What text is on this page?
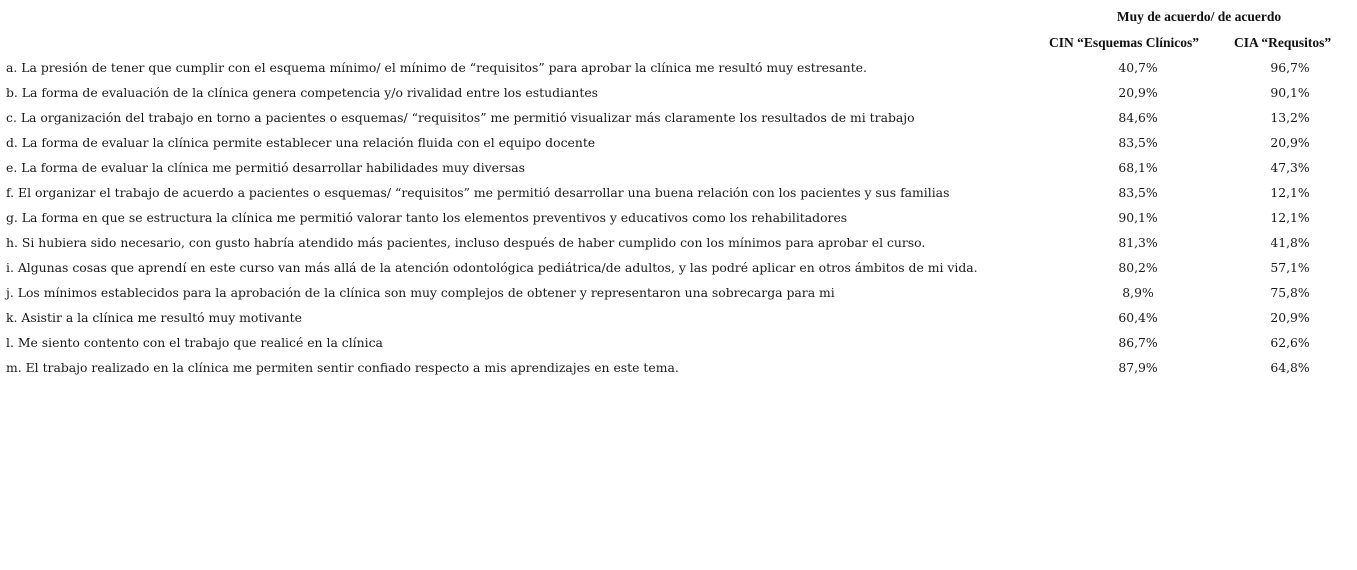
Muy de acuerdo/ de acuerdo
CIN “Esquemas Clínicos”	CIA “Requsitos”
a. La presión de tener que cumplir con el esquema mínimo/ el mínimo de “requisitos” para aprobar la clínica me resultó muy estresante.	40,7%	96,7%
b. La forma de evaluación de la clínica genera competencia y/o rivalidad entre los estudiantes	20,9%	90,1%
c. La organización del trabajo en torno a pacientes o esquemas/ “requisitos” me permitió visualizar más claramente los resultados de mi trabajo	84,6%	13,2%
d. La forma de evaluar la clínica permite establecer una relación fluida con el equipo docente	83,5%	20,9%
e. La forma de evaluar la clínica me permitió desarrollar habilidades muy diversas	68,1%	47,3%
f. El organizar el trabajo de acuerdo a pacientes o esquemas/ “requisitos” me permitió desarrollar una buena relación con los pacientes y sus familias	83,5%	12,1%
g. La forma en que se estructura la clínica me permitió valorar tanto los elementos preventivos y educativos como los rehabilitadores	90,1%	12,1%
h. Si hubiera sido necesario, con gusto habría atendido más pacientes, incluso después de haber cumplido con los mínimos para aprobar el curso.	81,3%	41,8%
i. Algunas cosas que aprendí en este curso van más allá de la atención odontológica pediátrica/de adultos, y las podré aplicar en otros ámbitos de mi vida.	80,2%	57,1%
j. Los mínimos establecidos para la aprobación de la clínica son muy complejos de obtener y representaron una sobrecarga para mi	8,9%	75,8%
k. Asistir a la clínica me resultó muy motivante	60,4%	20,9%
l. Me siento contento con el trabajo que realicé en la clínica	86,7%	62,6%
m. El trabajo realizado en la clínica me permiten sentir confiado respecto a mis aprendizajes en este tema.	87,9%	64,8%
